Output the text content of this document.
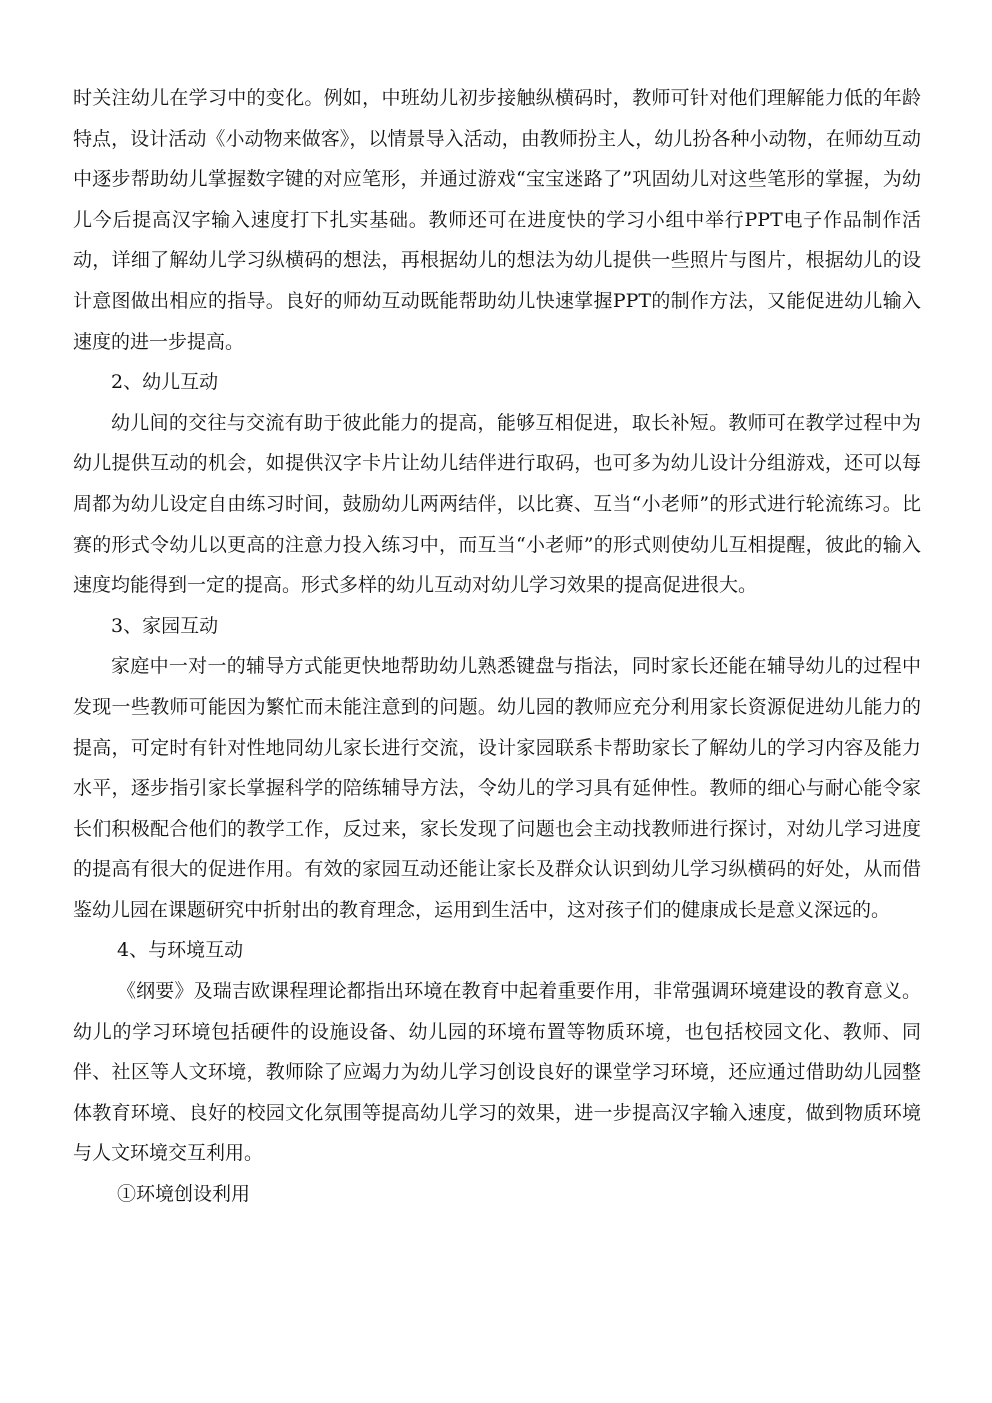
时关注幼儿在学习中的变化。例如，中班幼儿初步接触纵横码时，教师可针对他们理解能力低的年龄特点，设计活动《小动物来做客》，以情景导入活动，由教师扮主人，幼儿扮各种小动物，在师幼互动中逐步帮助幼儿掌握数字键的对应笔形，并通过游戏“宝宝迷路了”巩固幼儿对这些笔形的掌握，为幼儿今后提高汉字输入速度打下扎实基础。教师还可在进度快的学习小组中举行PPT电子作品制作活动，详细了解幼儿学习纵横码的想法，再根据幼儿的想法为幼儿提供一些照片与图片，根据幼儿的设计意图做出相应的指导。良好的师幼互动既能帮助幼儿快速掌握PPT的制作方法，又能促进幼儿输入速度的进一步提高。

2、幼儿互动

幼儿间的交往与交流有助于彼此能力的提高，能够互相促进，取长补短。教师可在教学过程中为幼儿提供互动的机会，如提供汉字卡片让幼儿结伴进行取码，也可多为幼儿设计分组游戏，还可以每周都为幼儿设定自由练习时间，鼓励幼儿两两结伴，以比赛、互当“小老师”的形式进行轮流练习。比赛的形式令幼儿以更高的注意力投入练习中，而互当“小老师”的形式则使幼儿互相提醒，彼此的输入速度均能得到一定的提高。形式多样的幼儿互动对幼儿学习效果的提高促进很大。

3、家园互动

家庭中一对一的辅导方式能更快地帮助幼儿熟悉键盘与指法，同时家长还能在辅导幼儿的过程中发现一些教师可能因为繁忙而未能注意到的问题。幼儿园的教师应充分利用家长资源促进幼儿能力的提高，可定时有针对性地同幼儿家长进行交流，设计家园联系卡帮助家长了解幼儿的学习内容及能力水平，逐步指引家长掌握科学的陪练辅导方法，令幼儿的学习具有延伸性。教师的细心与耐心能令家长们积极配合他们的教学工作，反过来，家长发现了问题也会主动找教师进行探讨，对幼儿学习进度的提高有很大的促进作用。有效的家园互动还能让家长及群众认识到幼儿学习纵横码的好处，从而借鉴幼儿园在课题研究中折射出的教育理念，运用到生活中，这对孩子们的健康成长是意义深远的。

4、与环境互动

《纲要》及瑞吉欧课程理论都指出环境在教育中起着重要作用，非常强调环境建设的教育意义。幼儿的学习环境包括硬件的设施设备、幼儿园的环境布置等物质环境，也包括校园文化、教师、同伴、社区等人文环境，教师除了应竭力为幼儿学习创设良好的课堂学习环境，还应通过借助幼儿园整体教育环境、良好的校园文化氛围等提高幼儿学习的效果，进一步提高汉字输入速度，做到物质环境与人文环境交互利用。

①环境创设利用
